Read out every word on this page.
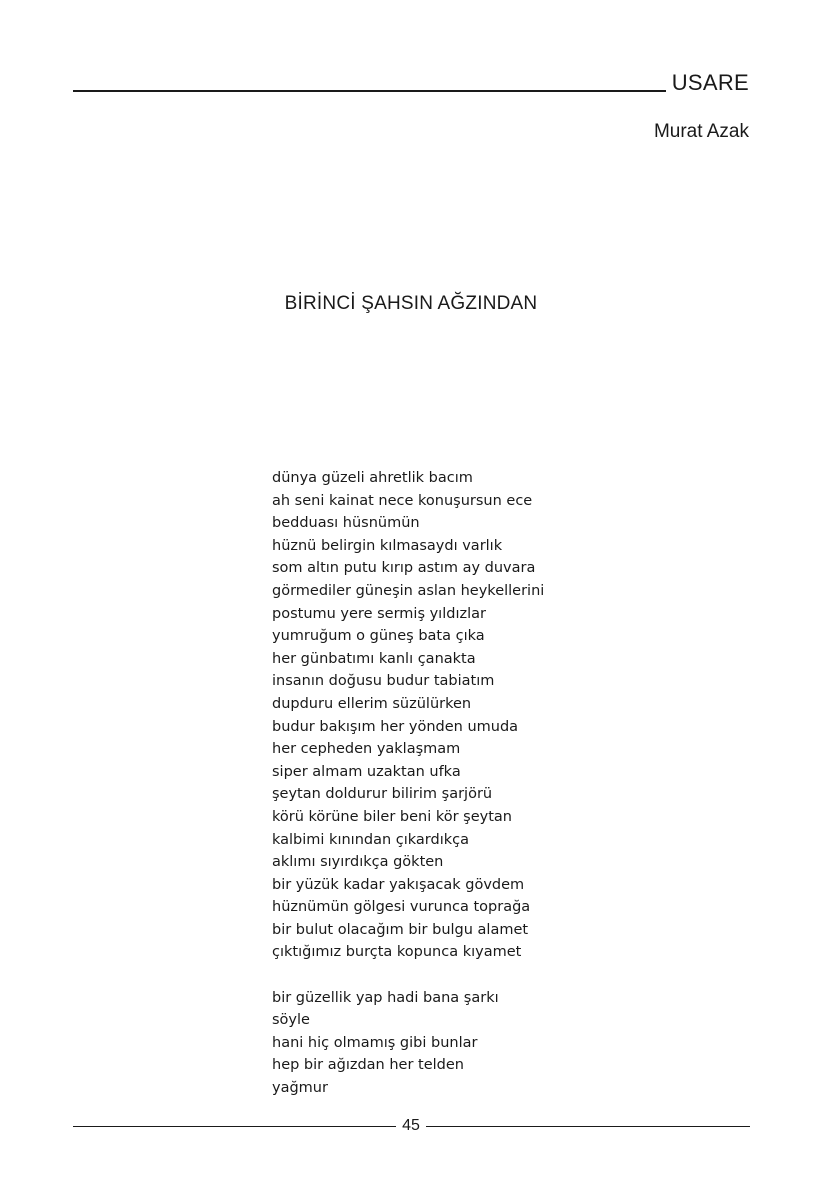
USARE
Murat Azak
BİRİNCİ ŞAHSIN AĞZINDAN

dünya güzeli ahretlik bacım
ah seni kainat nece konuşursun ece
bedduası hüsnümün
hüznü belirgin kılmasaydı varlık
som altın putu kırıp astım ay duvara
görmediler güneşin aslan heykellerini
postumu yere sermiş yıldızlar
yumruğum o güneş bata çıka
her günbatımı kanlı çanakta
insanın doğusu budur tabiatım
dupduru ellerim süzülürken
budur bakışım her yönden umuda
her cepheden yaklaşmam
siper almam uzaktan ufka
şeytan doldurur bilirim şarjörü
körü körüne biler beni kör şeytan
kalbimi kınından çıkardıkça
aklımı sıyırdıkça gökten
bir yüzük kadar yakışacak gövdem
hüznümün gölgesi vurunca toprağa
bir bulut olacağım bir bulgu alamet
çıktığımız burçta kopunca kıyamet

bir güzellik yap hadi bana şarkı
söyle
hani hiç olmamış gibi bunlar
hep bir ağızdan her telden
yağmur

45
